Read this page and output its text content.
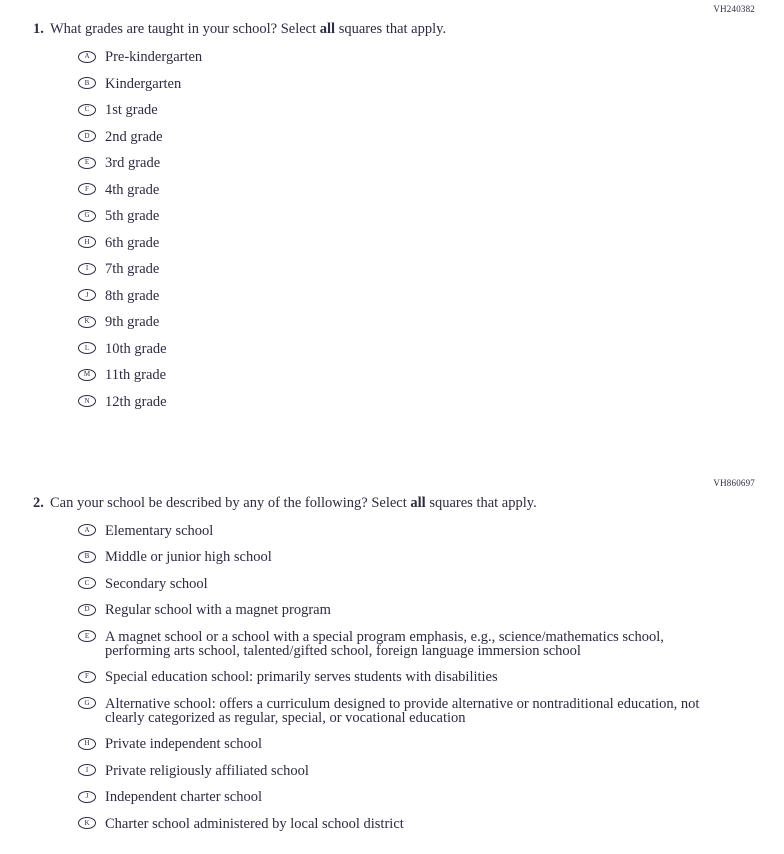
VH240382
1. What grades are taught in your school? Select all squares that apply.
A Pre-kindergarten
B Kindergarten
C 1st grade
D 2nd grade
E 3rd grade
F 4th grade
G 5th grade
H 6th grade
I 7th grade
J 8th grade
K 9th grade
L 10th grade
M 11th grade
N 12th grade
VH860697
2. Can your school be described by any of the following? Select all squares that apply.
A Elementary school
B Middle or junior high school
C Secondary school
D Regular school with a magnet program
E A magnet school or a school with a special program emphasis, e.g., science/mathematics school, performing arts school, talented/gifted school, foreign language immersion school
F Special education school: primarily serves students with disabilities
G Alternative school: offers a curriculum designed to provide alternative or nontraditional education, not clearly categorized as regular, special, or vocational education
H Private independent school
I Private religiously affiliated school
J Independent charter school
K Charter school administered by local school district
